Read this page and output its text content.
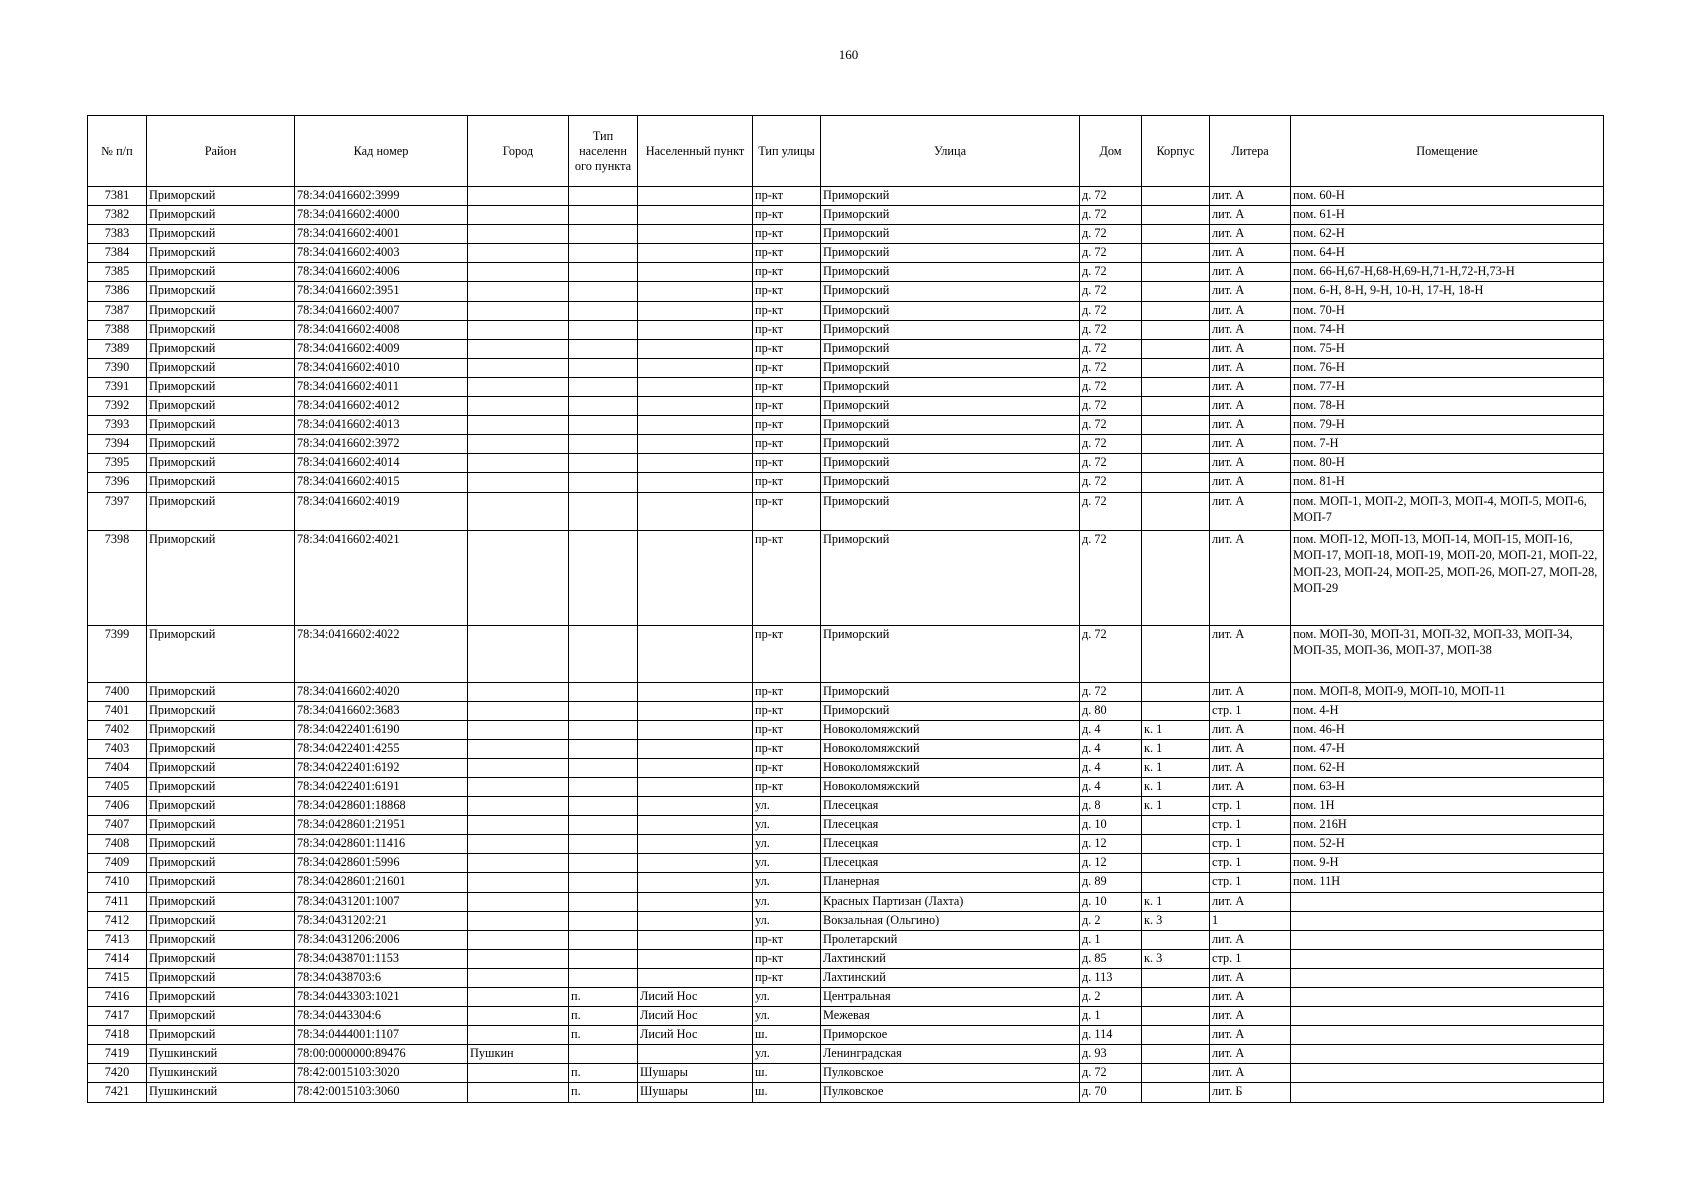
160
№ п/п	Район	Кад номер	Город	Тип населенн ого пункта	Населенный пункт	Тип улицы	Улица	Дом	Корпус	Литера	Помещение
7381	Приморский	78:34:0416602:3999				пр-кт	Приморский	д. 72		лит. А	пом. 60-Н
7382	Приморский	78:34:0416602:4000				пр-кт	Приморский	д. 72		лит. А	пом. 61-Н
7383	Приморский	78:34:0416602:4001				пр-кт	Приморский	д. 72		лит. А	пом. 62-Н
7384	Приморский	78:34:0416602:4003				пр-кт	Приморский	д. 72		лит. А	пом. 64-Н
7385	Приморский	78:34:0416602:4006				пр-кт	Приморский	д. 72		лит. А	пом. 66-Н,67-Н,68-Н,69-Н,71-Н,72-Н,73-Н
7386	Приморский	78:34:0416602:3951				пр-кт	Приморский	д. 72		лит. А	пом. 6-Н, 8-Н, 9-Н, 10-Н, 17-Н, 18-Н
7387	Приморский	78:34:0416602:4007				пр-кт	Приморский	д. 72		лит. А	пом. 70-Н
7388	Приморский	78:34:0416602:4008				пр-кт	Приморский	д. 72		лит. А	пом. 74-Н
7389	Приморский	78:34:0416602:4009				пр-кт	Приморский	д. 72		лит. А	пом. 75-Н
7390	Приморский	78:34:0416602:4010				пр-кт	Приморский	д. 72		лит. А	пом. 76-Н
7391	Приморский	78:34:0416602:4011				пр-кт	Приморский	д. 72		лит. А	пом. 77-Н
7392	Приморский	78:34:0416602:4012				пр-кт	Приморский	д. 72		лит. А	пом. 78-Н
7393	Приморский	78:34:0416602:4013				пр-кт	Приморский	д. 72		лит. А	пом. 79-Н
7394	Приморский	78:34:0416602:3972				пр-кт	Приморский	д. 72		лит. А	пом. 7-Н
7395	Приморский	78:34:0416602:4014				пр-кт	Приморский	д. 72		лит. А	пом. 80-Н
7396	Приморский	78:34:0416602:4015				пр-кт	Приморский	д. 72		лит. А	пом. 81-Н
7397	Приморский	78:34:0416602:4019				пр-кт	Приморский	д. 72		лит. А	пом. МОП-1, МОП-2, МОП-3, МОП-4, МОП-5, МОП-6, МОП-7
7398	Приморский	78:34:0416602:4021				пр-кт	Приморский	д. 72		лит. А	пом. МОП-12, МОП-13, МОП-14, МОП-15, МОП-16, МОП-17, МОП-18, МОП-19, МОП-20, МОП-21, МОП-22, МОП-23, МОП-24, МОП-25, МОП-26, МОП-27, МОП-28, МОП-29
7399	Приморский	78:34:0416602:4022				пр-кт	Приморский	д. 72		лит. А	пом. МОП-30, МОП-31, МОП-32, МОП-33, МОП-34, МОП-35, МОП-36, МОП-37, МОП-38
7400	Приморский	78:34:0416602:4020				пр-кт	Приморский	д. 72		лит. А	пом. МОП-8, МОП-9, МОП-10, МОП-11
7401	Приморский	78:34:0416602:3683				пр-кт	Приморский	д. 80		стр. 1	пом. 4-Н
7402	Приморский	78:34:0422401:6190				пр-кт	Новоколомяжский	д. 4	к. 1	лит. А	пом. 46-Н
7403	Приморский	78:34:0422401:4255				пр-кт	Новоколомяжский	д. 4	к. 1	лит. А	пом. 47-Н
7404	Приморский	78:34:0422401:6192				пр-кт	Новоколомяжский	д. 4	к. 1	лит. А	пом. 62-Н
7405	Приморский	78:34:0422401:6191				пр-кт	Новоколомяжский	д. 4	к. 1	лит. А	пом. 63-Н
7406	Приморский	78:34:0428601:18868				ул.	Плесецкая	д. 8	к. 1	стр. 1	пом. 1Н
7407	Приморский	78:34:0428601:21951				ул.	Плесецкая	д. 10		стр. 1	пом. 216Н
7408	Приморский	78:34:0428601:11416				ул.	Плесецкая	д. 12		стр. 1	пом. 52-Н
7409	Приморский	78:34:0428601:5996				ул.	Плесецкая	д. 12		стр. 1	пом. 9-Н
7410	Приморский	78:34:0428601:21601				ул.	Планерная	д. 89		стр. 1	пом. 11Н
7411	Приморский	78:34:0431201:1007				ул.	Красных Партизан (Лахта)	д. 10	к. 1	лит. А	
7412	Приморский	78:34:0431202:21				ул.	Вокзальная (Ольгино)	д. 2	к. 3	1	
7413	Приморский	78:34:0431206:2006				пр-кт	Пролетарский	д. 1		лит. А	
7414	Приморский	78:34:0438701:1153				пр-кт	Лахтинский	д. 85	к. 3	стр. 1	
7415	Приморский	78:34:0438703:6				пр-кт	Лахтинский	д. 113		лит. А	
7416	Приморский	78:34:0443303:1021		п.	Лисий Нос	ул.	Центральная	д. 2		лит. А	
7417	Приморский	78:34:0443304:6		п.	Лисий Нос	ул.	Межевая	д. 1		лит. А	
7418	Приморский	78:34:0444001:1107		п.	Лисий Нос	ш.	Приморское	д. 114		лит. А	
7419	Пушкинский	78:00:0000000:89476	Пушкин			ул.	Ленинградская	д. 93		лит. А	
7420	Пушкинский	78:42:0015103:3020		п.	Шушары	ш.	Пулковское	д. 72		лит. А	
7421	Пушкинский	78:42:0015103:3060		п.	Шушары	ш.	Пулковское	д. 70		лит. Б	
